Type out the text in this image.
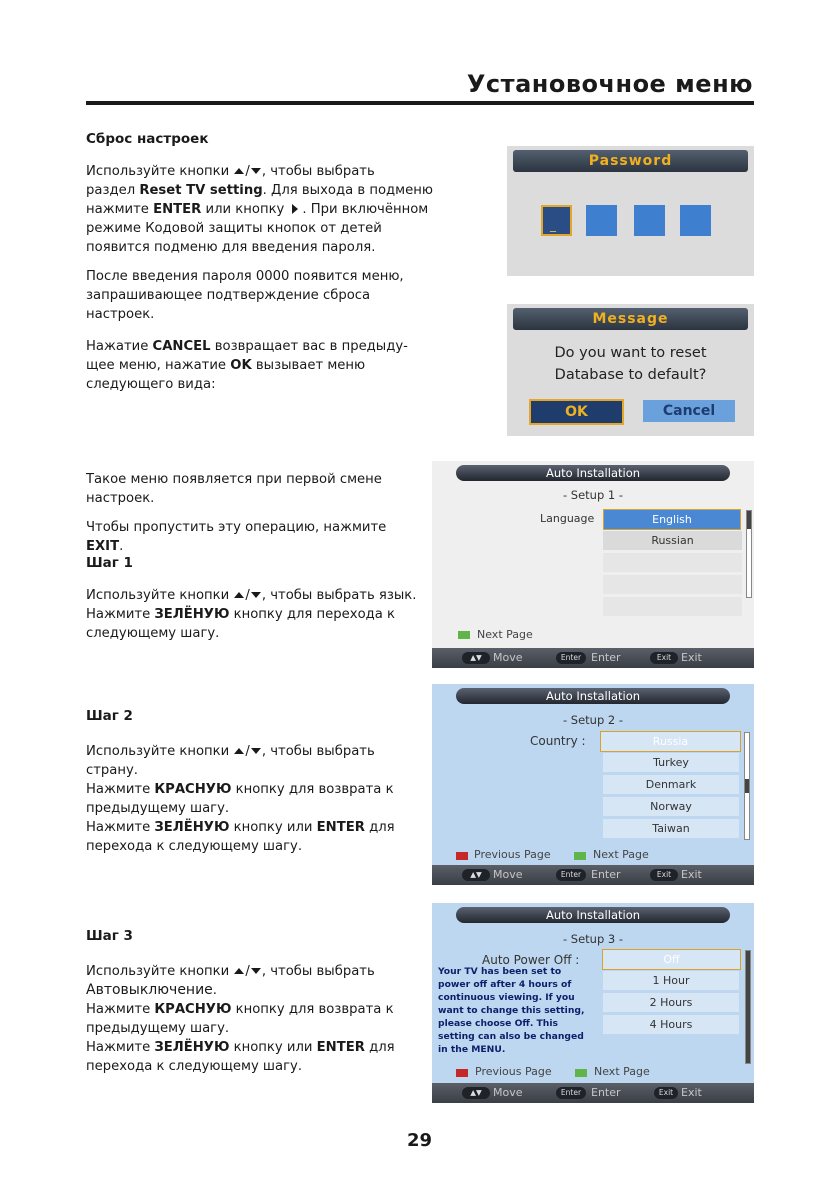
Установочное меню
Сброс настроек
Используйте кнопки / , чтобы выбрать
раздел Reset TV setting. Для выхода в подменю
нажмите ENTER или кнопку . При включённом
режиме Кодовой защиты кнопок от детей
появится подменю для введения пароля.
После введения пароля 0000 появится меню,
запрашивающее подтверждение сброса
настроек.
Нажатие CANCEL возвращает вас в предыду-
щее меню, нажатие OK вызывает меню
следующего вида:
Password
_
Message
Do you want to reset
Database to default?
OK	Cancel
Такое меню появляется при первой смене
настроек.
Чтобы пропустить эту операцию, нажмите EXIT.
Шаг 1
Используйте кнопки / , чтобы выбрать язык.
Нажмите ЗЕЛЁНУЮ кнопку для перехода к
следующему шагу.
Auto Installation
- Setup 1 -
Language	English
Russian
Next Page
▲▼	Move	Enter Enter	Exit Exit
Шаг 2
Используйте кнопки / , чтобы выбрать
страну.
Нажмите КРАСНУЮ кнопку для возврата к
предыдущему шагу.
Нажмите ЗЕЛЁНУЮ кнопку или ENTER для
перехода к следующему шагу.
Auto Installation
- Setup 2 -
Country :	Russia
Turkey
Denmark
Norway
Taiwan
Previous Page	Next Page
▲▼	Move	Enter Enter	Exit Exit
Шаг 3
Используйте кнопки / , чтобы выбрать
Автовыключение.
Нажмите КРАСНУЮ кнопку для возврата к
предыдущему шагу.
Нажмите ЗЕЛЁНУЮ кнопку или ENTER для
перехода к следующему шагу.
Auto Installation
- Setup 3 -
Auto Power Off :
Your TV has been set to
power off after 4 hours of
continuous viewing. If you
want to change this setting,
please choose Off. This
setting can also be changed
in the MENU.
Off
1 Hour
2 Hours
4 Hours
Previous Page	Next Page
▲▼	Move	Enter Enter	Exit Exit
29
